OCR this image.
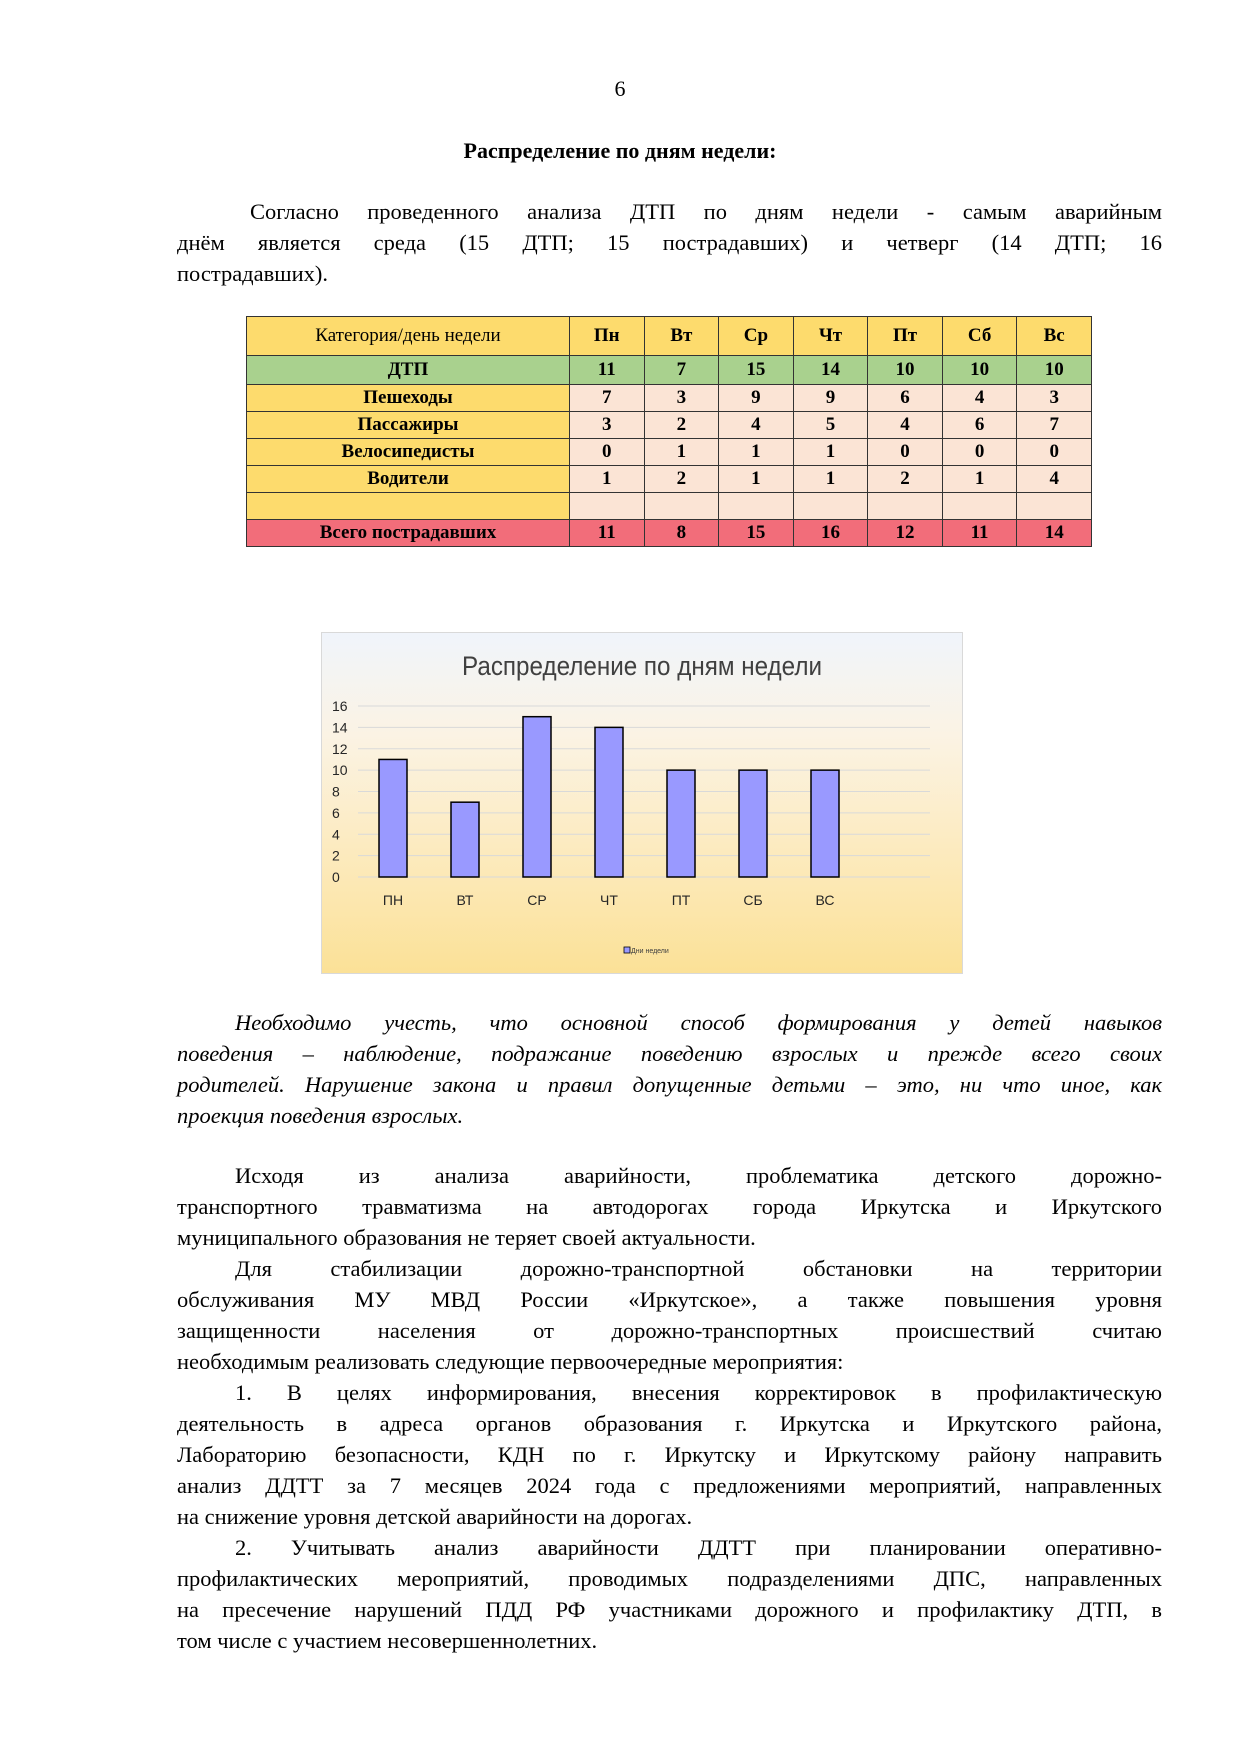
6
Распределение по дням недели:

Согласно проведенного анализа ДТП по дням недели - самым аварийным
днём является среда (15 ДТП; 15 пострадавших) и четверг (14 ДТП; 16
пострадавших).

Категория/день недели	Пн	Вт	Ср	Чт	Пт	Сб	Вс
ДТП	11	7	15	14	10	10	10
Пешеходы	7	3	9	9	6	4	3
Пассажиры	3	2	4	5	4	6	7
Велосипедисты	0	1	1	1	0	0	0
Водители	1	2	1	1	2	1	4

Всего пострадавших	11	8	15	16	12	11	14
Распределение по дням недели
0
2
4
6
8
10
12
14
16
ПН	ВТ	СР	ЧТ	ПТ	СБ	ВС
Дни недели

Необходимо учесть, что основной способ формирования у детей навыков
поведения – наблюдение, подражание поведению взрослых и прежде всего своих
родителей. Нарушение закона и правил допущенные детьми – это, ни что иное, как
проекция поведения взрослых.

Исходя из анализа аварийности, проблематика детского дорожно-
транспортного травматизма на автодорогах города Иркутска и Иркутского
муниципального образования не теряет своей актуальности.

Для стабилизации дорожно-транспортной обстановки на территории
обслуживания МУ МВД России «Иркутское», а также повышения уровня
защищенности населения от дорожно-транспортных происшествий считаю
необходимым реализовать следующие первоочередные мероприятия:

1. В целях информирования, внесения корректировок в профилактическую
деятельность в адреса органов образования г. Иркутска и Иркутского района,
Лабораторию безопасности, КДН по г. Иркутску и Иркутскому району направить
анализ ДДТТ за 7 месяцев 2024 года с предложениями мероприятий, направленных
на снижение уровня детской аварийности на дорогах.

2. Учитывать анализ аварийности ДДТТ при планировании оперативно-
профилактических мероприятий, проводимых подразделениями ДПС, направленных
на пресечение нарушений ПДД РФ участниками дорожного и профилактику ДТП, в
том числе с участием несовершеннолетних.
